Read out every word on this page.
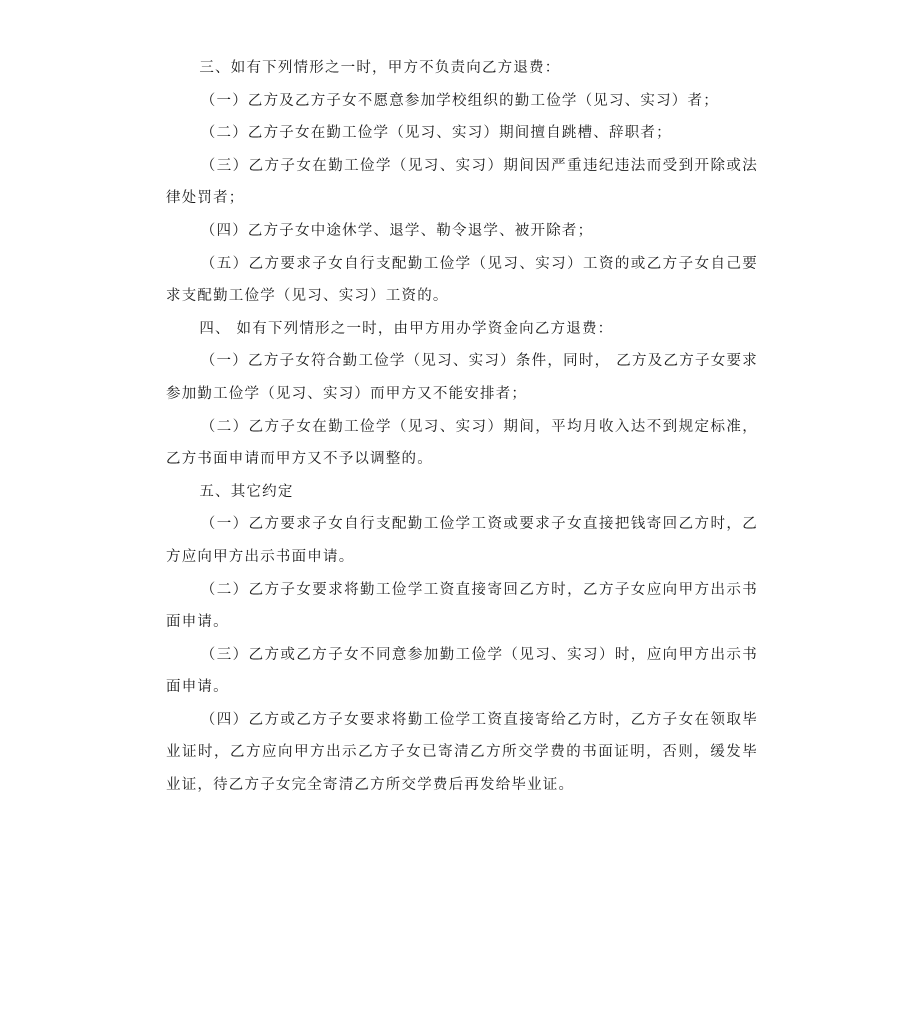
三、如有下列情形之一时，甲方不负责向乙方退费：

（一）乙方及乙方子女不愿意参加学校组织的勤工俭学（见习、实习）者；

（二）乙方子女在勤工俭学（见习、实习）期间擅自跳槽、辞职者；

（三）乙方子女在勤工俭学（见习、实习）期间因严重违纪违法而受到开除或法律处罚者；

（四）乙方子女中途休学、退学、勒令退学、被开除者；

（五）乙方要求子女自行支配勤工俭学（见习、实习）工资的或乙方子女自己要求支配勤工俭学（见习、实习）工资的。

四、 如有下列情形之一时，由甲方用办学资金向乙方退费：

（一）乙方子女符合勤工俭学（见习、实习）条件，同时， 乙方及乙方子女要求参加勤工俭学（见习、实习）而甲方又不能安排者；

（二）乙方子女在勤工俭学（见习、实习）期间，平均月收入达不到规定标准，乙方书面申请而甲方又不予以调整的。

五、其它约定

（一）乙方要求子女自行支配勤工俭学工资或要求子女直接把钱寄回乙方时，乙方应向甲方出示书面申请。

（二）乙方子女要求将勤工俭学工资直接寄回乙方时，乙方子女应向甲方出示书面申请。

（三）乙方或乙方子女不同意参加勤工俭学（见习、实习）时，应向甲方出示书面申请。

（四）乙方或乙方子女要求将勤工俭学工资直接寄给乙方时，乙方子女在领取毕业证时，乙方应向甲方出示乙方子女已寄清乙方所交学费的书面证明，否则，缓发毕业证，待乙方子女完全寄清乙方所交学费后再发给毕业证。
